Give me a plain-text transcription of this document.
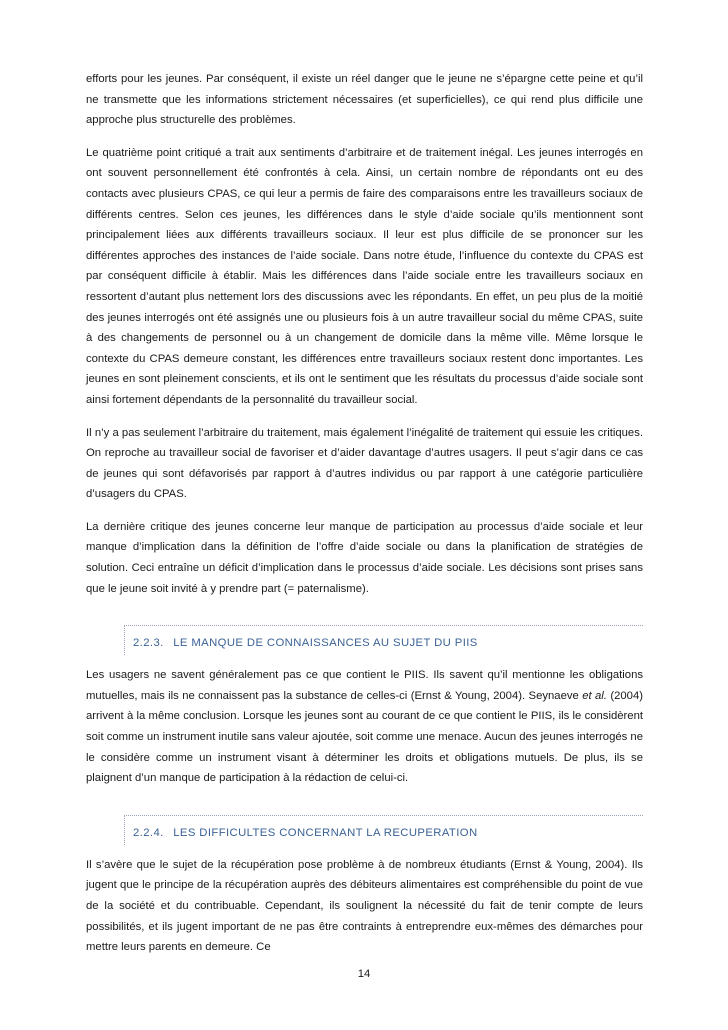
efforts pour les jeunes. Par conséquent, il existe un réel danger que le jeune ne s’épargne cette peine et qu’il ne transmette que les informations strictement nécessaires (et superficielles), ce qui rend plus difficile une approche plus structurelle des problèmes.

Le quatrième point critiqué a trait aux sentiments d’arbitraire et de traitement inégal. Les jeunes interrogés en ont souvent personnellement été confrontés à cela. Ainsi, un certain nombre de répondants ont eu des contacts avec plusieurs CPAS, ce qui leur a permis de faire des comparaisons entre les travailleurs sociaux de différents centres. Selon ces jeunes, les différences dans le style d’aide sociale qu’ils mentionnent sont principalement liées aux différents travailleurs sociaux. Il leur est plus difficile de se prononcer sur les différentes approches des instances de l’aide sociale. Dans notre étude, l’influence du contexte du CPAS est par conséquent difficile à établir. Mais les différences dans l’aide sociale entre les travailleurs sociaux en ressortent d’autant plus nettement lors des discussions avec les répondants. En effet, un peu plus de la moitié des jeunes interrogés ont été assignés une ou plusieurs fois à un autre travailleur social du même CPAS, suite à des changements de personnel ou à un changement de domicile dans la même ville. Même lorsque le contexte du CPAS demeure constant, les différences entre travailleurs sociaux restent donc importantes. Les jeunes en sont pleinement conscients, et ils ont le sentiment que les résultats du processus d’aide sociale sont ainsi fortement dépendants de la personnalité du travailleur social.

Il n’y a pas seulement l’arbitraire du traitement, mais également l’inégalité de traitement qui essuie les critiques. On reproche au travailleur social de favoriser et d’aider davantage d’autres usagers. Il peut s’agir dans ce cas de jeunes qui sont défavorisés par rapport à d’autres individus ou par rapport à une catégorie particulière d’usagers du CPAS.

La dernière critique des jeunes concerne leur manque de participation au processus d’aide sociale et leur manque d’implication dans la définition de l’offre d’aide sociale ou dans la planification de stratégies de solution. Ceci entraîne un déficit d’implication dans le processus d’aide sociale. Les décisions sont prises sans que le jeune soit invité à y prendre part (= paternalisme).

2.2.3. LE MANQUE DE CONNAISSANCES AU SUJET DU PIIS

Les usagers ne savent généralement pas ce que contient le PIIS. Ils savent qu’il mentionne les obligations mutuelles, mais ils ne connaissent pas la substance de celles-ci (Ernst & Young, 2004). Seynaeve et al. (2004) arrivent à la même conclusion. Lorsque les jeunes sont au courant de ce que contient le PIIS, ils le considèrent soit comme un instrument inutile sans valeur ajoutée, soit comme une menace. Aucun des jeunes interrogés ne le considère comme un instrument visant à déterminer les droits et obligations mutuels. De plus, ils se plaignent d’un manque de participation à la rédaction de celui-ci.

2.2.4. LES DIFFICULTES CONCERNANT LA RECUPERATION

Il s’avère que le sujet de la récupération pose problème à de nombreux étudiants (Ernst & Young, 2004). Ils jugent que le principe de la récupération auprès des débiteurs alimentaires est compréhensible du point de vue de la société et du contribuable. Cependant, ils soulignent la nécessité du fait de tenir compte de leurs possibilités, et ils jugent important de ne pas être contraints à entreprendre eux-mêmes des démarches pour mettre leurs parents en demeure. Ce

14
